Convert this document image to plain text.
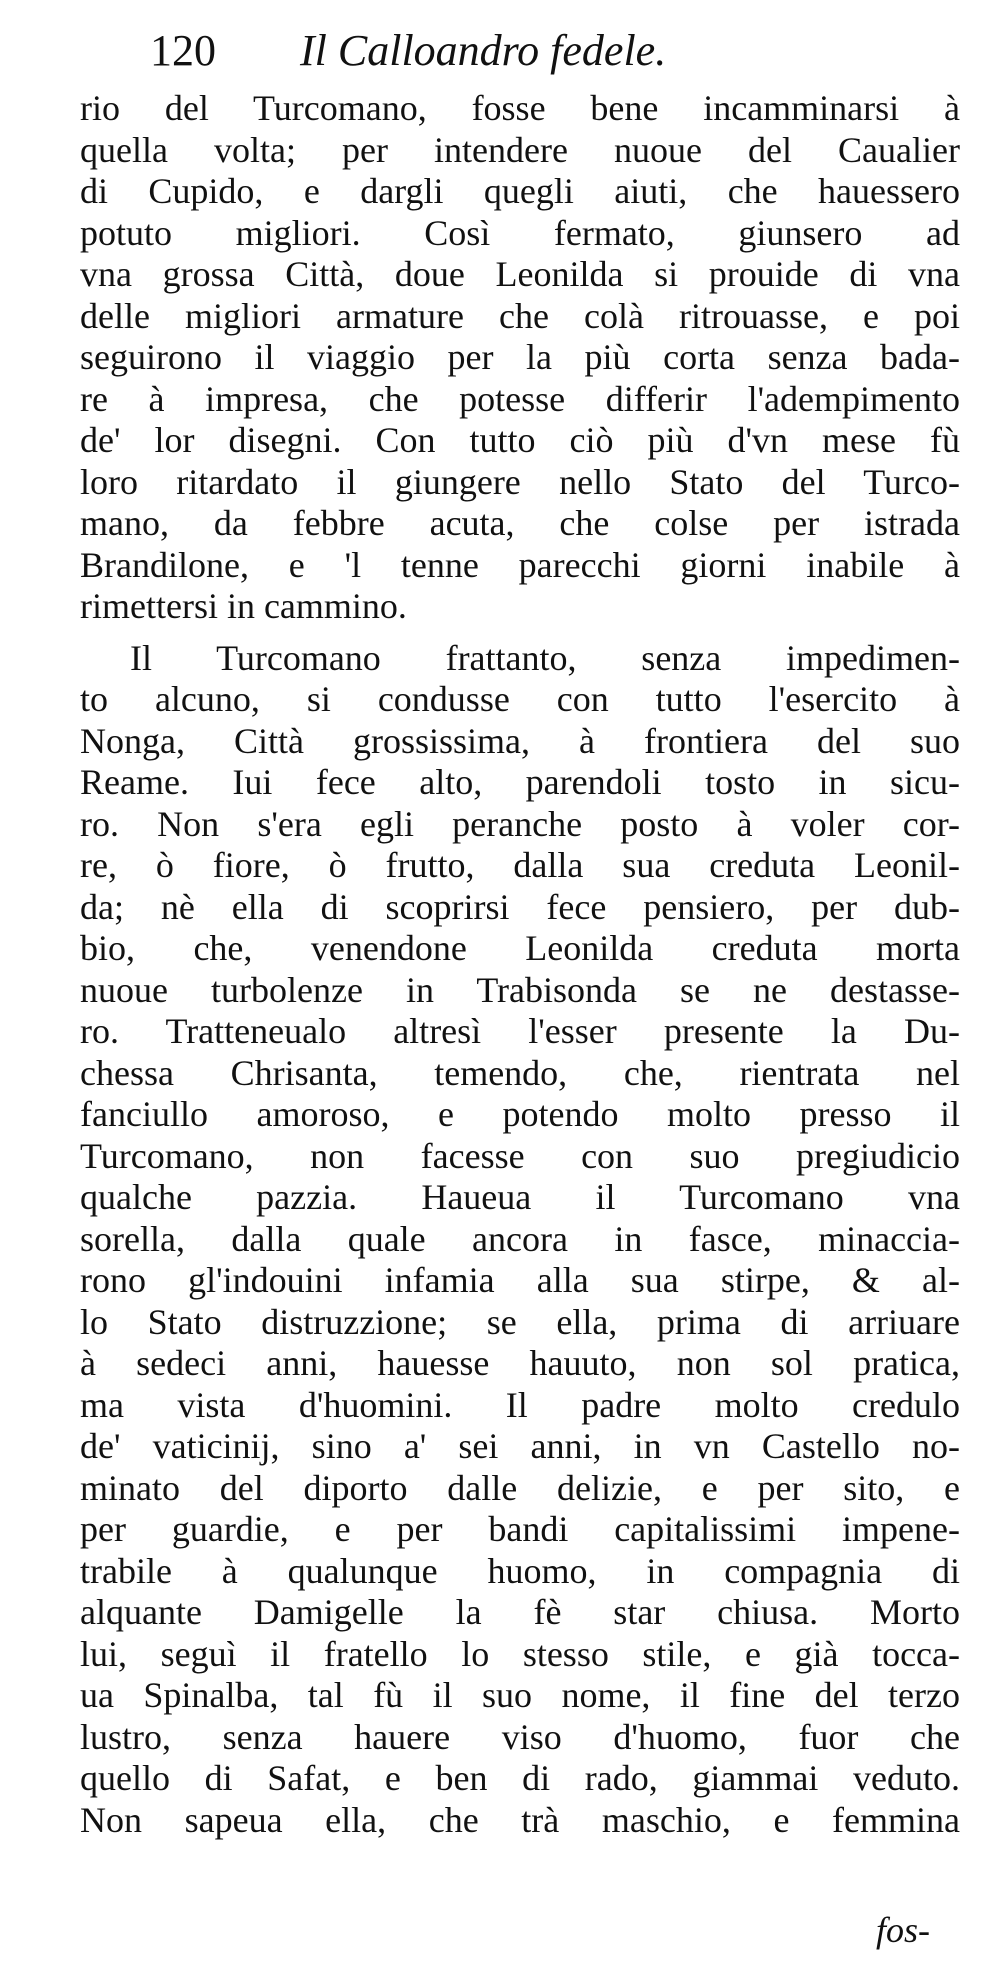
120 Il Calloandro fedele.
rio del Turcomano, fosse bene incamminarsi à
quella volta; per intendere nuoue del Caualier
di Cupido, e dargli quegli aiuti, che hauessero
potuto migliori. Così fermato, giunsero ad
vna grossa Città, doue Leonilda si prouide di vna
delle migliori armature che colà ritrouasse, e poi
seguirono il viaggio per la più corta senza bada-
re à impresa, che potesse differir l'adempimento
de' lor disegni. Con tutto ciò più d'vn mese fù
loro ritardato il giungere nello Stato del Turco-
mano, da febbre acuta, che colse per istrada
Brandilone, e 'l tenne parecchi giorni inabile à
rimettersi in cammino.
Il Turcomano frattanto, senza impedimen-
to alcuno, si condusse con tutto l'esercito à
Nonga, Città grossissima, à frontiera del suo
Reame. Iui fece alto, parendoli tosto in sicu-
ro. Non s'era egli peranche posto à voler cor-
re, ò fiore, ò frutto, dalla sua creduta Leonil-
da; nè ella di scoprirsi fece pensiero, per dub-
bio, che, venendone Leonilda creduta morta
nuoue turbolenze in Trabisonda se ne destasse-
ro. Tratteneualo altresì l'esser presente la Du-
chessa Chrisanta, temendo, che, rientrata nel
fanciullo amoroso, e potendo molto presso il
Turcomano, non facesse con suo pregiudicio
qualche pazzia. Haueua il Turcomano vna
sorella, dalla quale ancora in fasce, minaccia-
rono gl'indouini infamia alla sua stirpe, & al-
lo Stato distruzzione; se ella, prima di arriuare
à sedeci anni, hauesse hauuto, non sol pratica,
ma vista d'huomini. Il padre molto credulo
de' vaticinij, sino a' sei anni, in vn Castello no-
minato del diporto dalle delizie, e per sito, e
per guardie, e per bandi capitalissimi impene-
trabile à qualunque huomo, in compagnia di
alquante Damigelle la fè star chiusa. Morto
lui, seguì il fratello lo stesso stile, e già tocca-
ua Spinalba, tal fù il suo nome, il fine del terzo
lustro, senza hauere viso d'huomo, fuor che
quello di Safat, e ben di rado, giammai veduto.
Non sapeua ella, che trà maschio, e femmina
fos-
